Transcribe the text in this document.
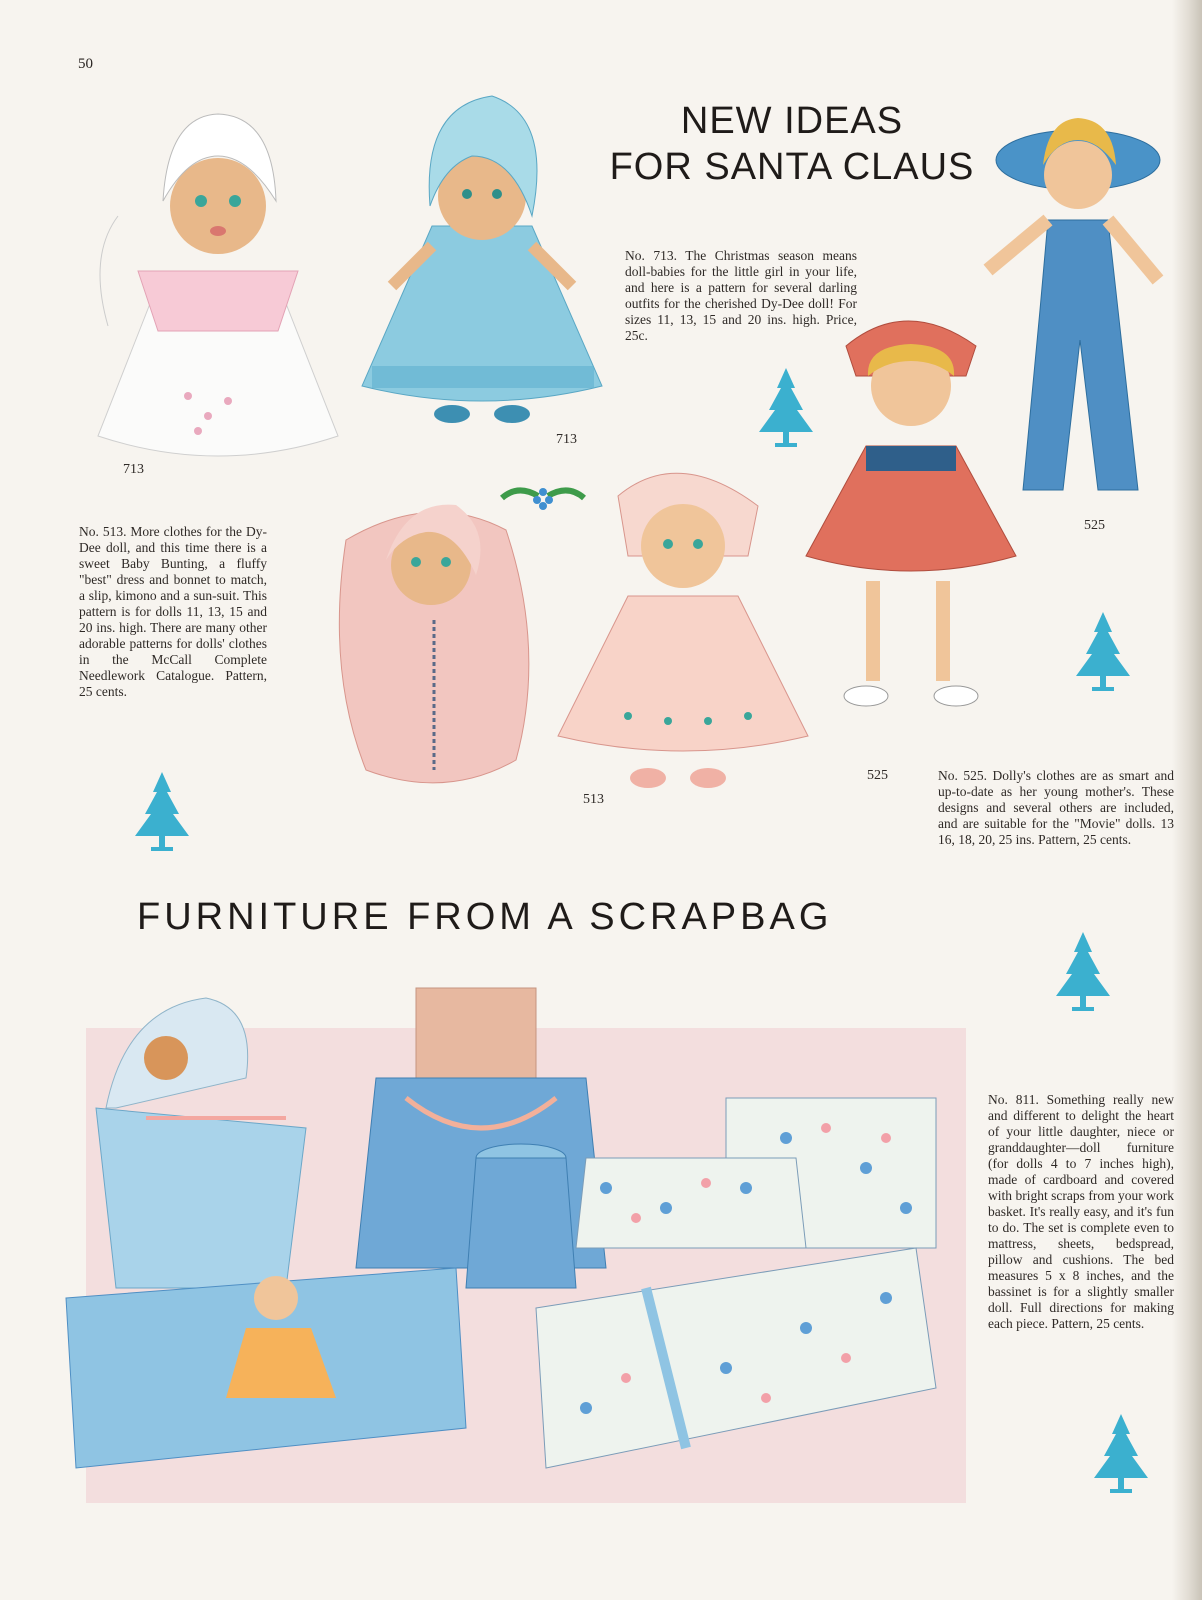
50
NEW IDEAS
FOR SANTA CLAUS
713
713

No. 713. The Christmas season means doll-babies for the little girl in your life, and here is a pattern for several darling outfits for the cherished Dy-Dee doll! For sizes 11, 13, 15 and 20 ins. high. Price, 25c.

525
513
525

No. 513. More clothes for the Dy-Dee doll, and this time there is a sweet Baby Bunting, a fluffy "best" dress and bonnet to match, a slip, kimono and a sun-suit. This pattern is for dolls 11, 13, 15 and 20 ins. high. There are many other adorable patterns for dolls' clothes in the McCall Complete Needlework Catalogue. Pattern, 25 cents.

No. 525. Dolly's clothes are as smart and up-to-date as her young mother's. These designs and several others are included, and are suitable for the "Movie" dolls. 13 16, 18, 20, 25 ins. Pattern, 25 cents.

FURNITURE FROM A SCRAPBAG

No. 811. Something really new and different to delight the heart of your little daughter, niece or granddaughter—doll furniture (for dolls 4 to 7 inches high), made of cardboard and covered with bright scraps from your work basket. It's really easy, and it's fun to do. The set is complete even to mattress, sheets, bedspread, pillow and cushions. The bed measures 5 x 8 inches, and the bassinet is for a slightly smaller doll. Full directions for making each piece. Pattern, 25 cents.
